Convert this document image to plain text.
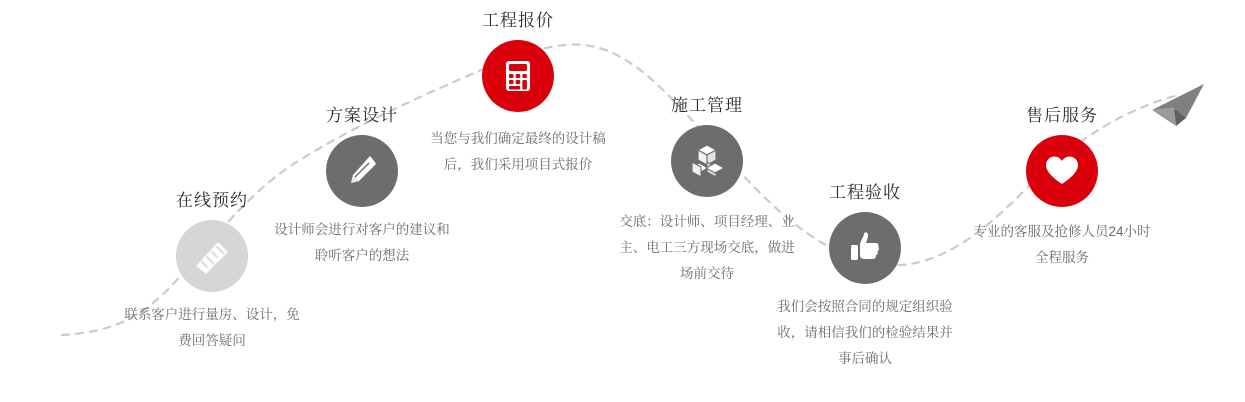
在线预约
联系客户进行量房、设计，免费回答疑问
方案设计
设计师会进行对客户的建议和聆听客户的想法
工程报价
当您与我们确定最终的设计稿后，我们采用项目式报价
施工管理
交底：设计师、项目经理、业主、电工三方现场交底，做进场前交待
工程验收
我们会按照合同的规定组织验收，请相信我们的检验结果并事后确认
售后服务
专业的客服及抢修人员24小时全程服务
